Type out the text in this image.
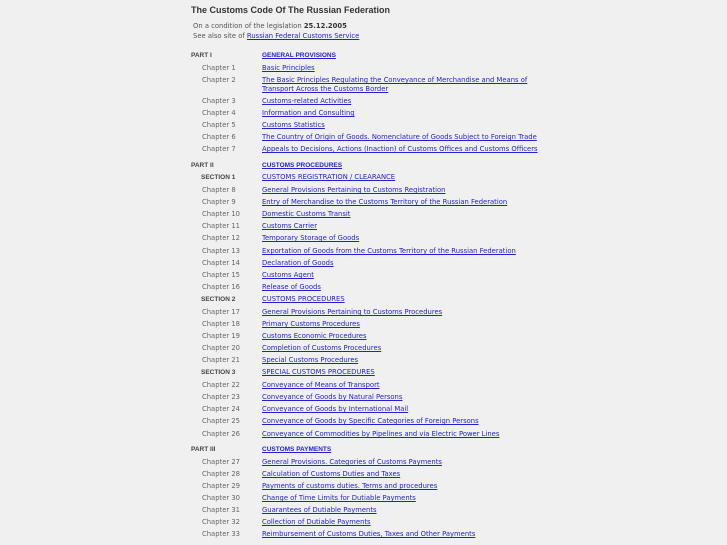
The Customs Code Of The Russian Federation
On a condition of the legislation 25.12.2005
See also site of Russian Federal Customs Service
PART I	GENERAL PROVISIONS
Chapter 1	Basic Principles
Chapter 2	The Basic Principles Regulating the Conveyance of Merchandise and Means of Transport Across the Customs Border
Chapter 3	Customs-related Activities
Chapter 4	Information and Consulting
Chapter 5	Customs Statistics
Chapter 6	The Country of Origin of Goods. Nomenclature of Goods Subject to Foreign Trade
Chapter 7	Appeals to Decisions, Actions (Inaction) of Customs Offices and Customs Officers
PART II	CUSTOMS PROCEDURES
SECTION 1	CUSTOMS REGISTRATION / CLEARANCE
Chapter 8	General Provisions Pertaining to Customs Registration
Chapter 9	Entry of Merchandise to the Customs Territory of the Russian Federation
Chapter 10	Domestic Customs Transit
Chapter 11	Customs Carrier
Chapter 12	Temporary Storage of Goods
Chapter 13	Exportation of Goods from the Customs Territory of the Russian Federation
Chapter 14	Declaration of Goods
Chapter 15	Customs Agent
Chapter 16	Release of Goods
SECTION 2	CUSTOMS PROCEDURES
Chapter 17	General Provisions Pertaining to Customs Procedures
Chapter 18	Primary Customs Procedures
Chapter 19	Customs Economic Procedures
Chapter 20	Completion of Customs Procedures
Chapter 21	Special Customs Procedures
SECTION 3	SPECIAL CUSTOMS PROCEDURES
Chapter 22	Conveyance of Means of Transport
Chapter 23	Conveyance of Goods by Natural Persons
Chapter 24	Conveyance of Goods by International Mail
Chapter 25	Conveyance of Goods by Specific Categories of Foreign Persons
Chapter 26	Conveyance of Commodities by Pipelines and via Electric Power Lines
PART III	CUSTOMS PAYMENTS
Chapter 27	General Provisions. Categories of Customs Payments
Chapter 28	Calculation of Customs Duties and Taxes
Chapter 29	Payments of customs duties. Terms and procedures
Chapter 30	Change of Time Limits for Dutiable Payments
Chapter 31	Guarantees of Dutiable Payments
Chapter 32	Collection of Dutiable Payments
Chapter 33	Reimbursement of Customs Duties, Taxes and Other Payments
